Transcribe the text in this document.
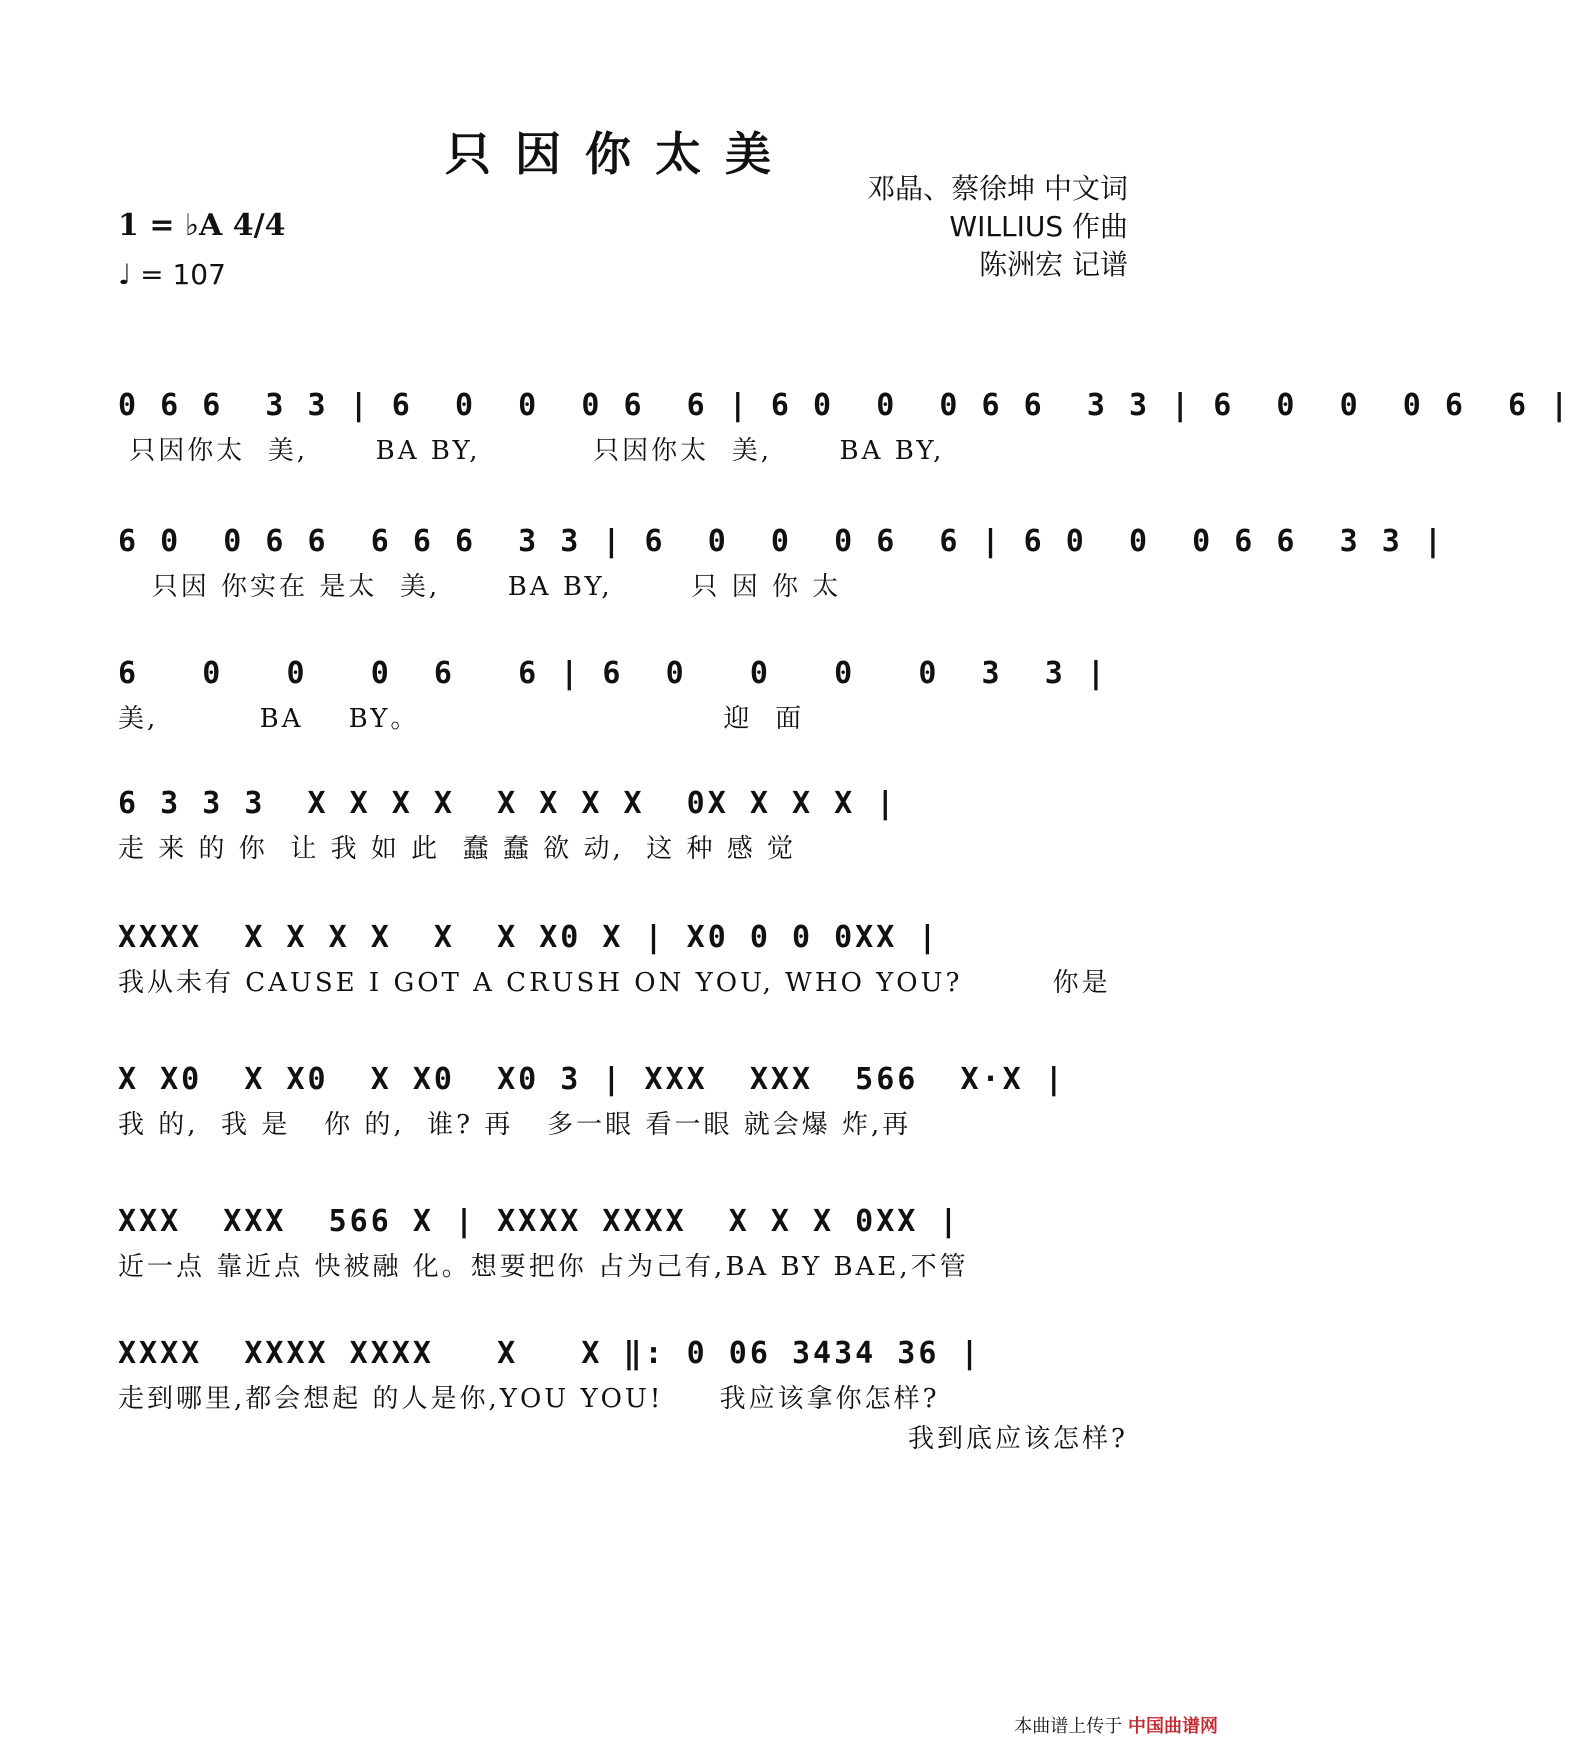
只因你太美
邓晶、蔡徐坤 中文词
WILLIUS 作曲
陈洲宏 记谱
1 = ♭A 4/4
♩ = 107
0 6 6  3 3 | 6  0  0  0 6  6 | 6 0  0  0 6 6  3 3 | 6  0  0  0 6  6 |
只因你太  美,      BA BY,          只因你太  美,      BA BY,
6 0  0 6 6  6 6 6  3 3 | 6  0  0  0 6  6 | 6 0  0  0 6 6  3 3 |
只因 你实在 是太  美,      BA BY,       只 因 你 太
6   0   0   0  6   6 | 6  0   0   0   0  3  3 |
美,         BA    BY。                           迎  面
6 3 3 3  X X X X  X X X X  0X X X X |
走 来 的 你  让 我 如 此  蠢 蠢 欲 动,  这 种 感 觉
XXXX  X X X X  X  X X0 X | X0 0 0 0XX |
我从未有 CAUSE I GOT A CRUSH ON YOU, WHO YOU?        你是
X X0  X X0  X X0  X0 3 | XXX  XXX  566  X·X |
我 的,  我 是   你 的,  谁? 再   多一眼 看一眼 就会爆 炸,再
XXX  XXX  566 X | XXXX XXXX  X X X 0XX |
近一点 靠近点 快被融 化。想要把你 占为己有,BA BY BAE,不管
XXXX  XXXX XXXX   X   X ‖: 0 06 3434 36 |
走到哪里,都会想起 的人是你,YOU YOU!     我应该拿你怎样?
我到底应该怎样?
本曲谱上传于 中国曲谱网
